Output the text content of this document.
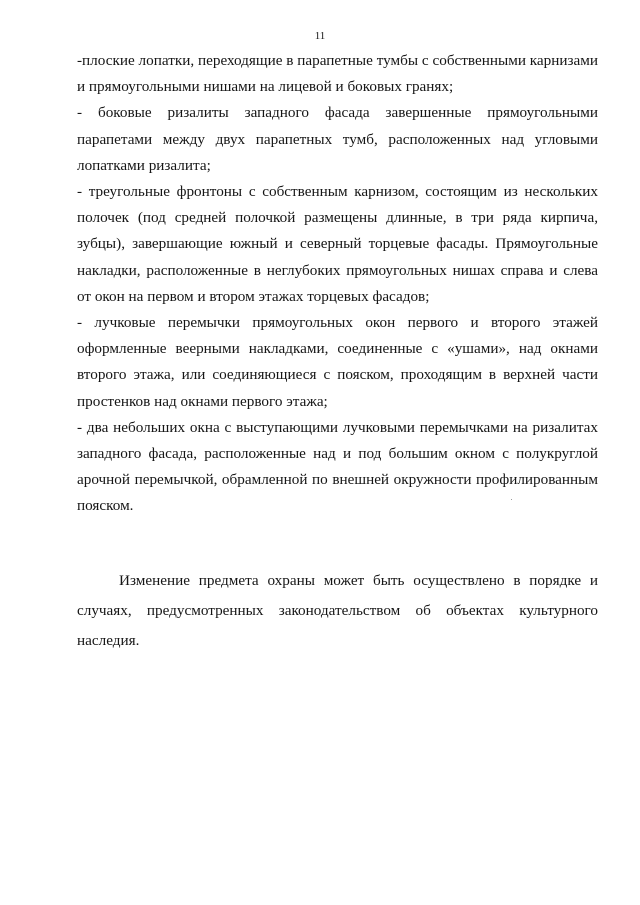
11

-плоские лопатки, переходящие в парапетные тумбы с собственными карнизами и прямоугольными нишами на лицевой и боковых гранях;

- боковые ризалиты западного фасада завершенные прямоугольными парапетами между двух парапетных тумб, расположенных над угловыми лопатками ризалита;

- треугольные фронтоны с собственным карнизом, состоящим из нескольких полочек (под средней полочкой размещены длинные, в три ряда кирпича, зубцы), завершающие южный и северный торцевые фасады. Прямоугольные накладки, расположенные в неглубоких прямоугольных нишах справа и слева от окон на первом и втором этажах торцевых фасадов;

- лучковые перемычки прямоугольных окон первого и второго этажей оформленные веерными накладками, соединенные с «ушами», над окнами второго этажа, или соединяющиеся с пояском, проходящим в верхней части простенков над окнами первого этажа;

- два небольших окна с выступающими лучковыми перемычками на ризалитах западного фасада, расположенные над и под большим окном с полукруглой арочной перемычкой, обрамленной по внешней окружности профилированным пояском.

Изменение предмета охраны может быть осуществлено в порядке и случаях, предусмотренных законодательством об объектах культурного наследия.
